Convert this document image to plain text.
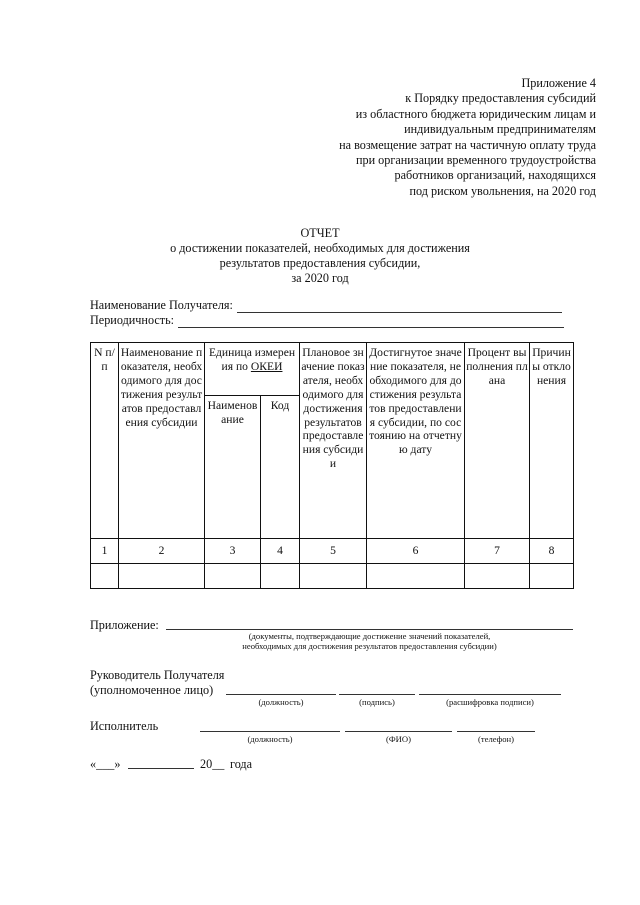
Приложение 4
к Порядку предоставления субсидий
из областного бюджета юридическим лицам и
индивидуальным предпринимателям
на возмещение затрат на частичную оплату труда
при организации временного трудоустройства
работников организаций, находящихся
под риском увольнения, на 2020 год
ОТЧЕТ
о достижении показателей, необходимых для достижения
результатов предоставления субсидии,
за 2020 год
Наименование Получателя:
Периодичность:
N п/п	Наименование показателя, необходимого для достижения результатов предоставления субсидии	Единица измерения по ОКЕИ		Плановое значение показателя, необходимого для достижения результатов предоставления субсидии	Достигнутое значение показателя, необходимого для достижения результатов предоставления субсидии, по состоянию на отчетную дату	Процент выполнения плана	Причины отклонения
		Наименование	Код				
1	2	3	4	5	6	7	8

Приложение:
(документы, подтверждающие достижение значений показателей,
необходимых для достижения результатов предоставления субсидии)
Руководитель Получателя
(уполномоченное лицо)
(должность)	(подпись)	(расшифровка подписи)
Исполнитель
(должность)	(ФИО)	(телефон)
«___»	20__ года
